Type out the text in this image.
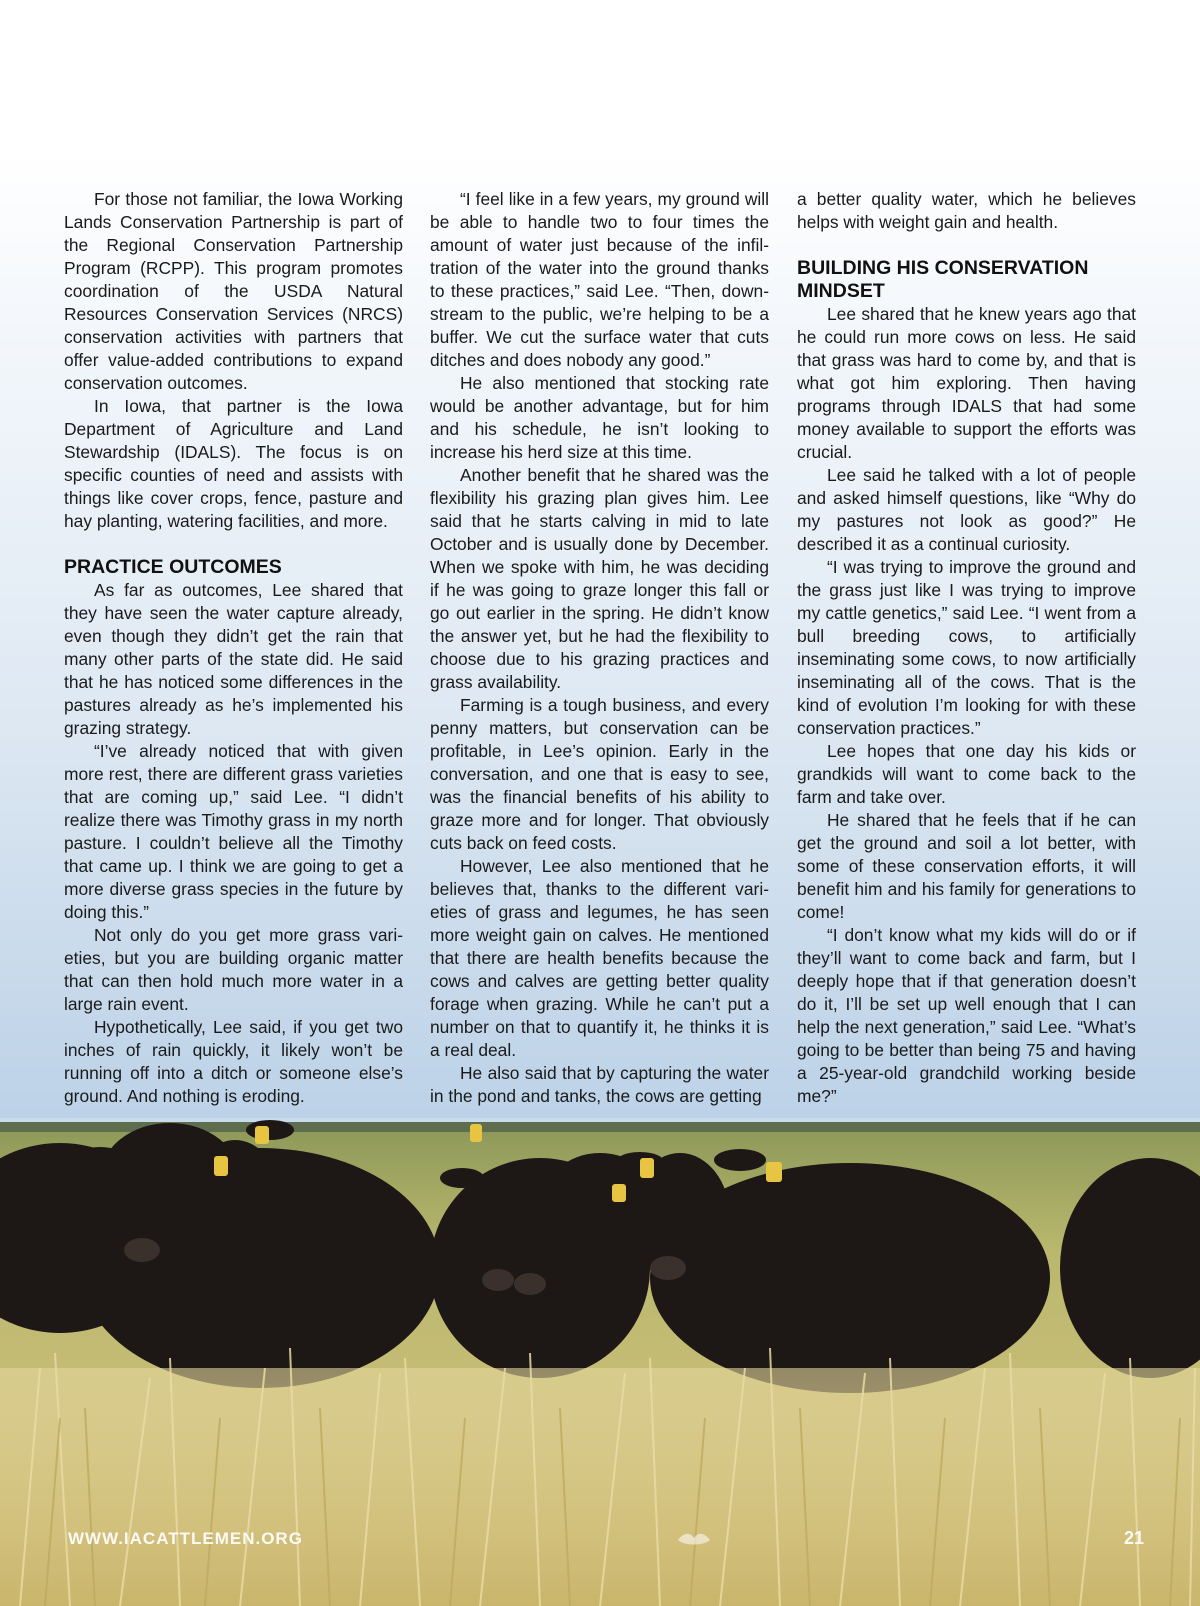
For those not familiar, the Iowa Working Lands Conservation Partnership is part of the Regional Conservation Partnership Program (RCPP). This program promotes coordination of the USDA Natural Resources Conservation Services (NRCS) conservation activities with partners that offer value-added contributions to expand conservation outcomes.

In Iowa, that partner is the Iowa Department of Agriculture and Land Stewardship (IDALS). The focus is on specific counties of need and assists with things like cover crops, fence, pasture and hay planting, watering facilities, and more.

PRACTICE OUTCOMES

As far as outcomes, Lee shared that they have seen the water capture already, even though they didn’t get the rain that many other parts of the state did. He said that he has noticed some differences in the pastures already as he’s implemented his grazing strategy.

“I’ve already noticed that with given more rest, there are different grass varieties that are coming up,” said Lee. “I didn’t realize there was Timothy grass in my north pasture. I couldn’t believe all the Timothy that came up. I think we are going to get a more diverse grass species in the future by doing this.”

Not only do you get more grass varieties, but you are building organic matter that can then hold much more water in a large rain event.

Hypothetically, Lee said, if you get two inches of rain quickly, it likely won’t be running off into a ditch or someone else’s ground. And nothing is eroding.

“I feel like in a few years, my ground will be able to handle two to four times the amount of water just because of the infiltration of the water into the ground thanks to these practices,” said Lee. “Then, downstream to the public, we’re helping to be a buffer. We cut the surface water that cuts ditches and does nobody any good.”

He also mentioned that stocking rate would be another advantage, but for him and his schedule, he isn’t looking to increase his herd size at this time.

Another benefit that he shared was the flexibility his grazing plan gives him. Lee said that he starts calving in mid to late October and is usually done by December. When we spoke with him, he was deciding if he was going to graze longer this fall or go out earlier in the spring. He didn’t know the answer yet, but he had the flexibility to choose due to his grazing practices and grass availability.

Farming is a tough business, and every penny matters, but conservation can be profitable, in Lee’s opinion. Early in the conversation, and one that is easy to see, was the financial benefits of his ability to graze more and for longer. That obviously cuts back on feed costs.

However, Lee also mentioned that he believes that, thanks to the different varieties of grass and legumes, he has seen more weight gain on calves. He mentioned that there are health benefits because the cows and calves are getting better quality forage when grazing. While he can’t put a number on that to quantify it, he thinks it is a real deal.

He also said that by capturing the water in the pond and tanks, the cows are getting

a better quality water, which he believes helps with weight gain and health.

BUILDING HIS CONSERVATION MINDSET

Lee shared that he knew years ago that he could run more cows on less. He said that grass was hard to come by, and that is what got him exploring. Then having programs through IDALS that had some money available to support the efforts was crucial.

Lee said he talked with a lot of people and asked himself questions, like “Why do my pastures not look as good?” He described it as a continual curiosity.

“I was trying to improve the ground and the grass just like I was trying to improve my cattle genetics,” said Lee. “I went from a bull breeding cows, to artificially inseminating some cows, to now artificially inseminating all of the cows. That is the kind of evolution I’m looking for with these conservation practices.”

Lee hopes that one day his kids or grandkids will want to come back to the farm and take over.

He shared that he feels that if he can get the ground and soil a lot better, with some of these conservation efforts, it will benefit him and his family for generations to come!

“I don’t know what my kids will do or if they’ll want to come back and farm, but I deeply hope that if that generation doesn’t do it, I’ll be set up well enough that I can help the next generation,” said Lee. “What’s going to be better than being 75 and having a 25-year-old grandchild working beside me?”

WWW.IACATTLEMEN.ORG	21
